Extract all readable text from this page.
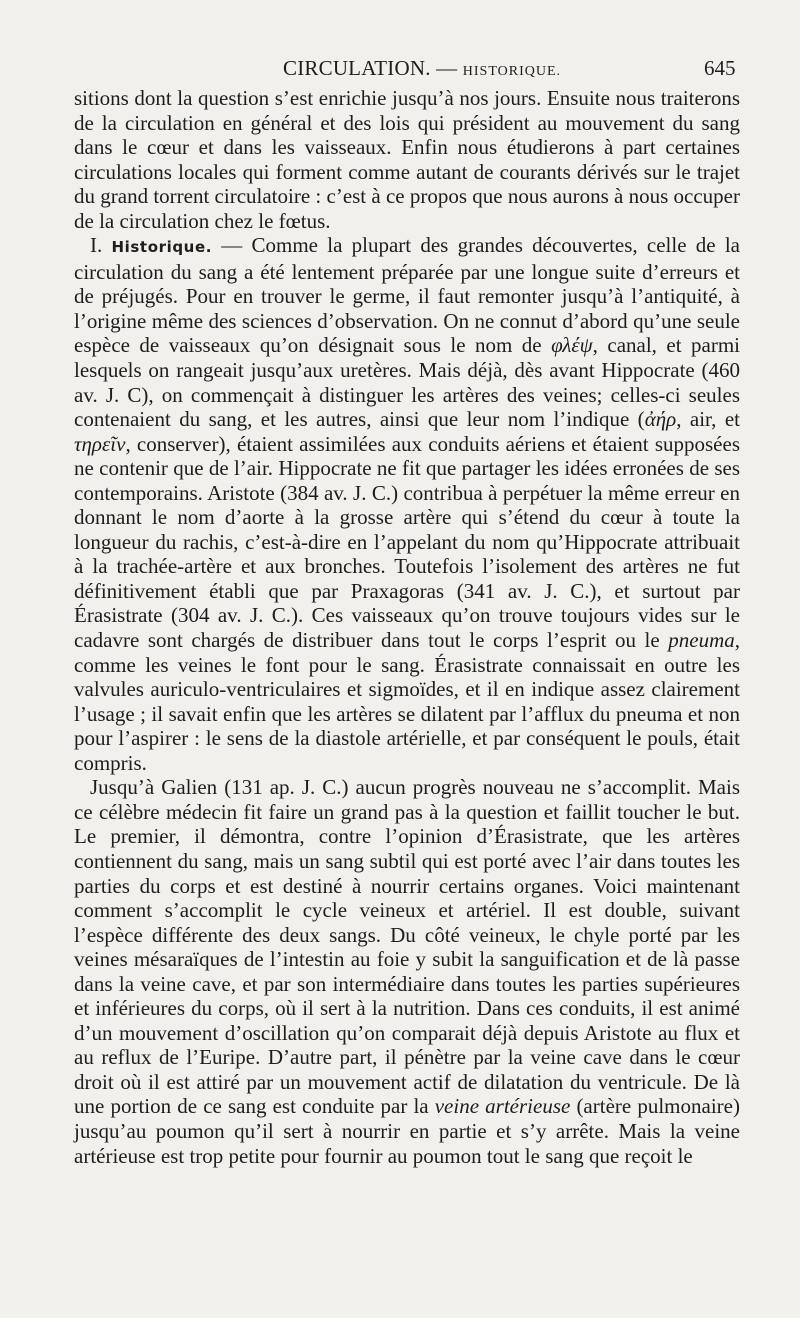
CIRCULATION. — HISTORIQUE.	645

sitions dont la question s’est enrichie jusqu’à nos jours. Ensuite nous traiterons de la circulation en général et des lois qui président au mouvement du sang dans le cœur et dans les vaisseaux. Enfin nous étudierons à part certaines circulations locales qui forment comme autant de courants dérivés sur le trajet du grand torrent circulatoire : c’est à ce propos que nous aurons à nous occuper de la circulation chez le fœtus.

I. Historique. — Comme la plupart des grandes découvertes, celle de la circulation du sang a été lentement préparée par une longue suite d’erreurs et de préjugés. Pour en trouver le germe, il faut remonter jusqu’à l’antiquité, à l’origine même des sciences d’observation. On ne connut d’abord qu’une seule espèce de vaisseaux qu’on désignait sous le nom de φλέψ, canal, et parmi lesquels on rangeait jusqu’aux uretères. Mais déjà, dès avant Hippocrate (460 av. J. C), on commençait à distinguer les artères des veines; celles-ci seules contenaient du sang, et les autres, ainsi que leur nom l’indique (ἀήρ, air, et τηρεῖν, conserver), étaient assimilées aux conduits aériens et étaient supposées ne contenir que de l’air. Hippocrate ne fit que partager les idées erronées de ses contemporains. Aristote (384 av. J. C.) contribua à perpétuer la même erreur en donnant le nom d’aorte à la grosse artère qui s’étend du cœur à toute la longueur du rachis, c’est-à-dire en l’appelant du nom qu’Hippocrate attribuait à la trachée-artère et aux bronches. Toutefois l’isolement des artères ne fut définitivement établi que par Praxagoras (341 av. J. C.), et surtout par Érasistrate (304 av. J. C.). Ces vaisseaux qu’on trouve toujours vides sur le cadavre sont chargés de distribuer dans tout le corps l’esprit ou le pneuma, comme les veines le font pour le sang. Érasistrate connaissait en outre les valvules auriculo-ventriculaires et sigmoïdes, et il en indique assez clairement l’usage ; il savait enfin que les artères se dilatent par l’afflux du pneuma et non pour l’aspirer : le sens de la diastole artérielle, et par conséquent le pouls, était compris.

Jusqu’à Galien (131 ap. J. C.) aucun progrès nouveau ne s’accomplit. Mais ce célèbre médecin fit faire un grand pas à la question et faillit toucher le but. Le premier, il démontra, contre l’opinion d’Érasistrate, que les artères contiennent du sang, mais un sang subtil qui est porté avec l’air dans toutes les parties du corps et est destiné à nourrir certains organes. Voici maintenant comment s’accomplit le cycle veineux et artériel. Il est double, suivant l’espèce différente des deux sangs. Du côté veineux, le chyle porté par les veines mésaraïques de l’intestin au foie y subit la sanguification et de là passe dans la veine cave, et par son intermédiaire dans toutes les parties supérieures et inférieures du corps, où il sert à la nutrition. Dans ces conduits, il est animé d’un mouvement d’oscillation qu’on comparait déjà depuis Aristote au flux et au reflux de l’Euripe. D’autre part, il pénètre par la veine cave dans le cœur droit où il est attiré par un mouvement actif de dilatation du ventricule. De là une portion de ce sang est conduite par la veine artérieuse (artère pulmonaire) jusqu’au poumon qu’il sert à nourrir en partie et s’y arrête. Mais la veine artérieuse est trop petite pour fournir au poumon tout le sang que reçoit le
